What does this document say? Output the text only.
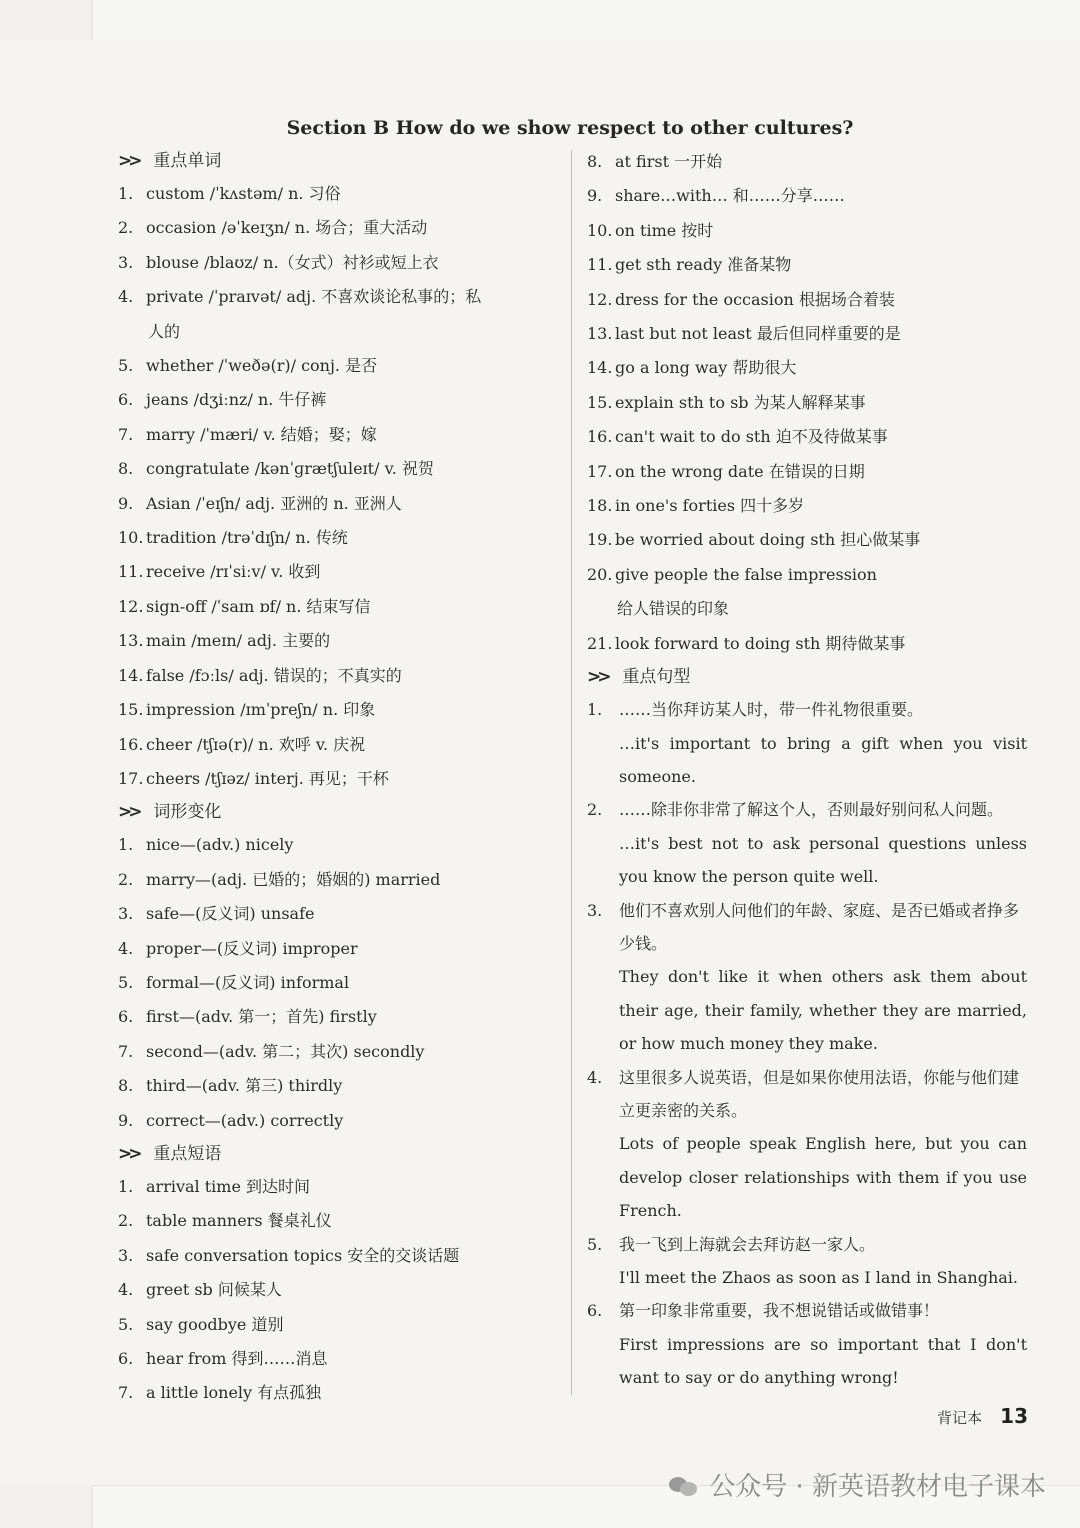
Section B How do we show respect to other cultures?
>> 重点单词
1. custom /ˈkʌstəm/ n. 习俗
2. occasion /əˈkeɪʒn/ n. 场合；重大活动
3. blouse /blaʊz/ n.（女式）衬衫或短上衣
4. private /ˈpraɪvət/ adj. 不喜欢谈论私事的；私
人的
5. whether /ˈweðə(r)/ conj. 是否
6. jeans /dʒiːnz/ n. 牛仔裤
7. marry /ˈmæri/ v. 结婚；娶；嫁
8. congratulate /kənˈɡrætʃuleɪt/ v. 祝贺
9. Asian /ˈeɪʃn/ adj. 亚洲的 n. 亚洲人
10. tradition /trəˈdɪʃn/ n. 传统
11. receive /rɪˈsiːv/ v. 收到
12. sign-off /ˈsaɪn ɒf/ n. 结束写信
13. main /meɪn/ adj. 主要的
14. false /fɔːls/ adj. 错误的；不真实的
15. impression /ɪmˈpreʃn/ n. 印象
16. cheer /tʃɪə(r)/ n. 欢呼 v. 庆祝
17. cheers /tʃɪəz/ interj. 再见；干杯
>> 词形变化
1. nice—(adv.) nicely
2. marry—(adj. 已婚的；婚姻的) married
3. safe—(反义词) unsafe
4. proper—(反义词) improper
5. formal—(反义词) informal
6. first—(adv. 第一；首先) firstly
7. second—(adv. 第二；其次) secondly
8. third—(adv. 第三) thirdly
9. correct—(adv.) correctly
>> 重点短语
1. arrival time 到达时间
2. table manners 餐桌礼仪
3. safe conversation topics 安全的交谈话题
4. greet sb 问候某人
5. say goodbye 道别
6. hear from 得到……消息
7. a little lonely 有点孤独
8. at first 一开始
9. share…with… 和……分享……
10. on time 按时
11. get sth ready 准备某物
12. dress for the occasion 根据场合着装
13. last but not least 最后但同样重要的是
14. go a long way 帮助很大
15. explain sth to sb 为某人解释某事
16. can't wait to do sth 迫不及待做某事
17. on the wrong date 在错误的日期
18. in one's forties 四十多岁
19. be worried about doing sth 担心做某事
20. give people the false impression
给人错误的印象
21. look forward to doing sth 期待做某事
>> 重点句型
1.	……当你拜访某人时，带一件礼物很重要。
…it's important to bring a gift when you visit someone.
2.	……除非你非常了解这个人，否则最好别问私人问题。
…it's best not to ask personal questions unless you know the person quite well.
3.	他们不喜欢别人问他们的年龄、家庭、是否已婚或者挣多少钱。
They don't like it when others ask them about their age, their family, whether they are married, or how much money they make.
4.	这里很多人说英语，但是如果你使用法语，你能与他们建立更亲密的关系。
Lots of people speak English here, but you can develop closer relationships with them if you use French.
5.	我一飞到上海就会去拜访赵一家人。
I'll meet the Zhaos as soon as I land in Shanghai.
6.	第一印象非常重要，我不想说错话或做错事！
First impressions are so important that I don't want to say or do anything wrong!
背记本 13
公众号 · 新英语教材电子课本
